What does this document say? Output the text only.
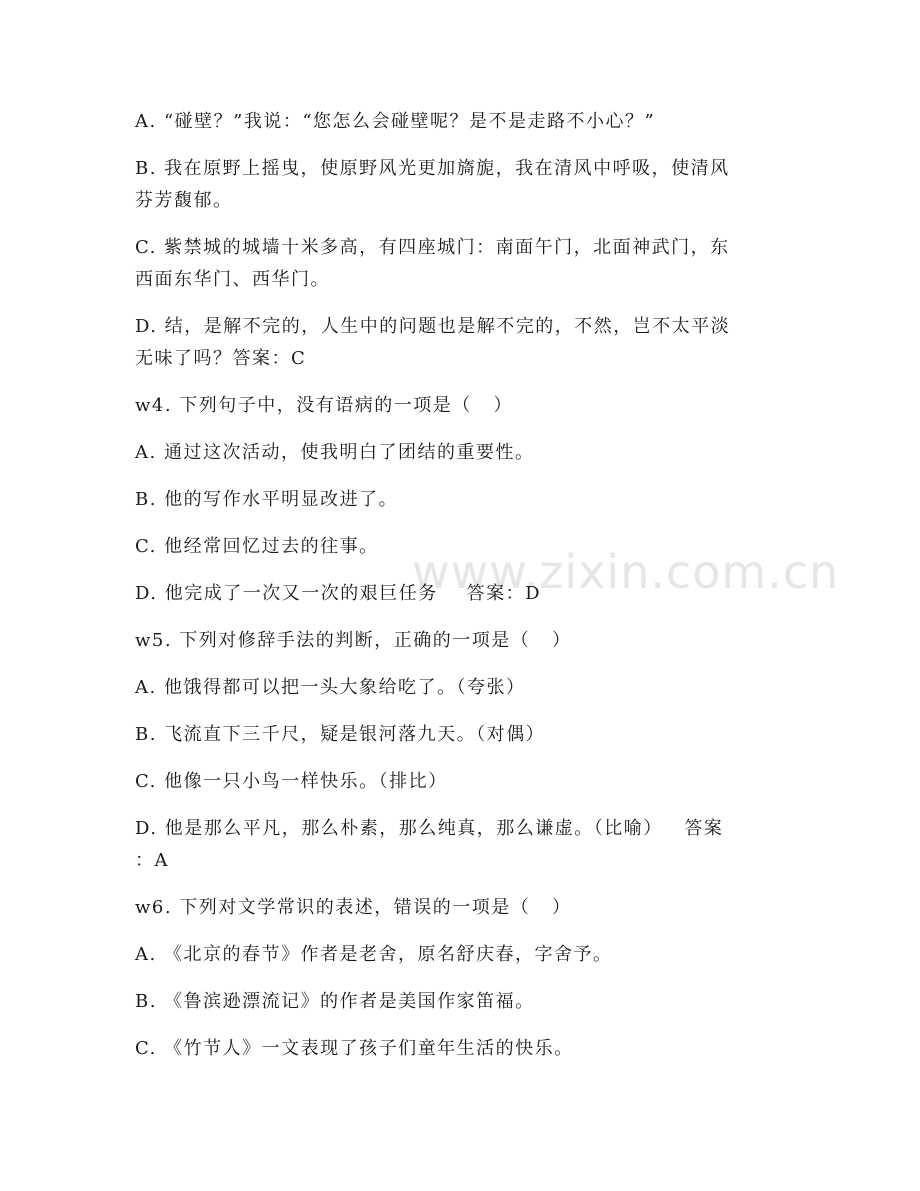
www.zixin.com.cn

A. “碰壁？”我说：“您怎么会碰壁呢？是不是走路不小心？”

B. 我在原野上摇曳，使原野风光更加旖旎，我在清风中呼吸，使清风
芬芳馥郁。

C. 紫禁城的城墙十米多高，有四座城门：南面午门，北面神武门，东
西面东华门、西华门。

D. 结，是解不完的，人生中的问题也是解不完的，不然，岂不太平淡
无味了吗？答案：C

w4. 下列句子中，没有语病的一项是（   ）

A. 通过这次活动，使我明白了团结的重要性。

B. 他的写作水平明显改进了。

C. 他经常回忆过去的往事。

D. 他完成了一次又一次的艰巨任务    答案：D

w5. 下列对修辞手法的判断，正确的一项是（   ）

A. 他饿得都可以把一头大象给吃了。（夸张）

B. 飞流直下三千尺，疑是银河落九天。（对偶）

C. 他像一只小鸟一样快乐。（排比）

D. 他是那么平凡，那么朴素，那么纯真，那么谦虚。（比喻）   答案
：A

w6. 下列对文学常识的表述，错误的一项是（   ）

A. 《北京的春节》作者是老舍，原名舒庆春，字舍予。

B. 《鲁滨逊漂流记》的作者是美国作家笛福。

C. 《竹节人》一文表现了孩子们童年生活的快乐。
